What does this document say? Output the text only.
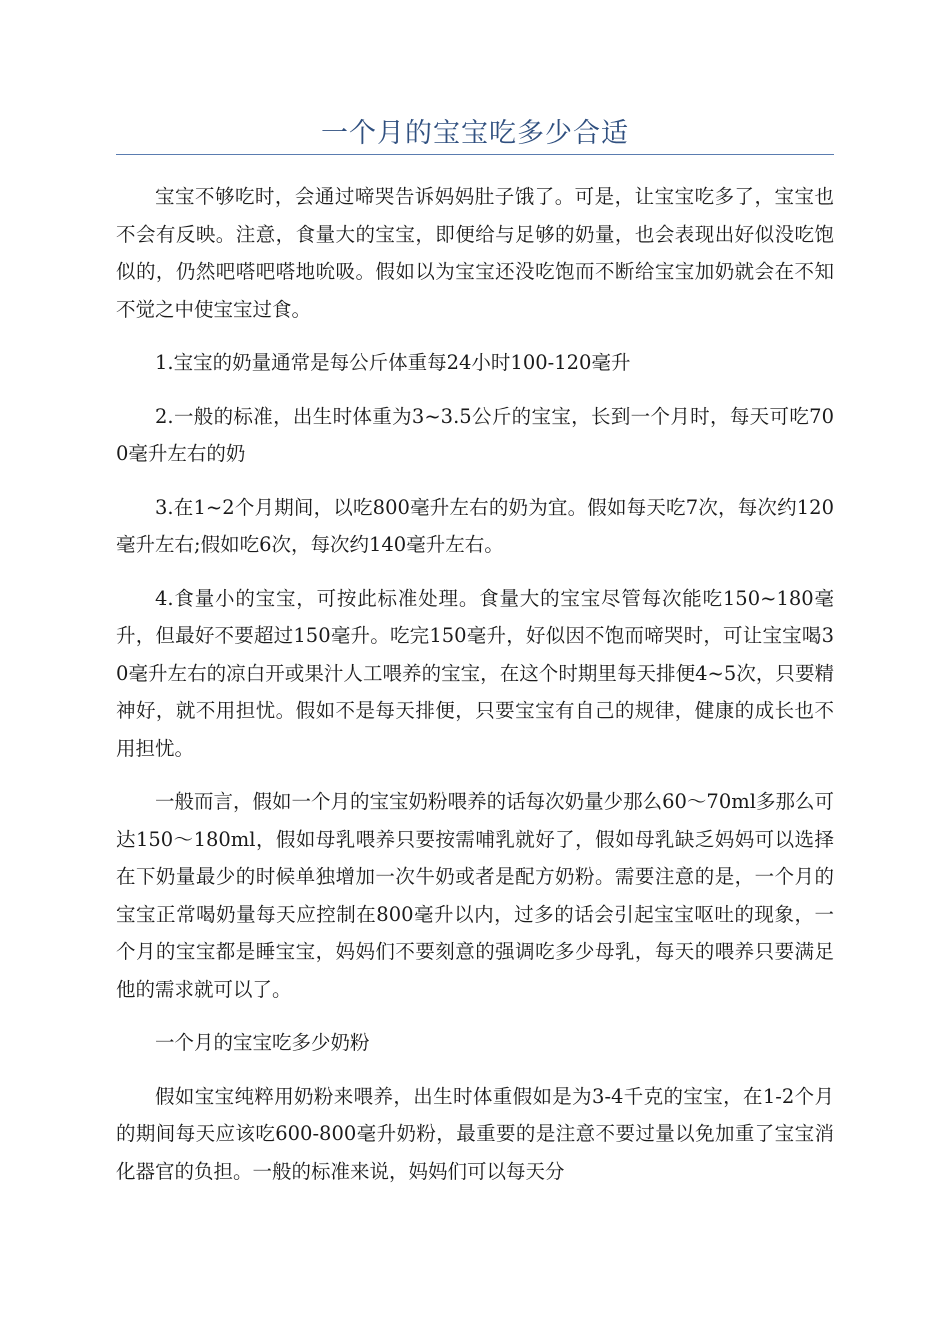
一个月的宝宝吃多少合适

宝宝不够吃时，会通过啼哭告诉妈妈肚子饿了。可是，让宝宝吃多了，宝宝也不会有反映。注意，食量大的宝宝，即便给与足够的奶量，也会表现出好似没吃饱似的，仍然吧嗒吧嗒地吮吸。假如以为宝宝还没吃饱而不断给宝宝加奶就会在不知不觉之中使宝宝过食。

1.宝宝的奶量通常是每公斤体重每24小时100-120毫升

2.一般的标准，出生时体重为3~3.5公斤的宝宝，长到一个月时，每天可吃700毫升左右的奶

3.在1~2个月期间，以吃800毫升左右的奶为宜。假如每天吃7次，每次约120毫升左右;假如吃6次，每次约140毫升左右。

4.食量小的宝宝，可按此标准处理。食量大的宝宝尽管每次能吃150~180毫升，但最好不要超过150毫升。吃完150毫升，好似因不饱而啼哭时，可让宝宝喝30毫升左右的凉白开或果汁人工喂养的宝宝，在这个时期里每天排便4~5次，只要精神好，就不用担忧。假如不是每天排便，只要宝宝有自己的规律，健康的成长也不用担忧。

一般而言，假如一个月的宝宝奶粉喂养的话每次奶量少那么60～70ml多那么可达150～180ml，假如母乳喂养只要按需哺乳就好了，假如母乳缺乏妈妈可以选择在下奶量最少的时候单独增加一次牛奶或者是配方奶粉。需要注意的是，一个月的宝宝正常喝奶量每天应控制在800毫升以内，过多的话会引起宝宝呕吐的现象，一个月的宝宝都是睡宝宝，妈妈们不要刻意的强调吃多少母乳，每天的喂养只要满足他的需求就可以了。

一个月的宝宝吃多少奶粉

假如宝宝纯粹用奶粉来喂养，出生时体重假如是为3-4千克的宝宝，在1-2个月的期间每天应该吃600-800毫升奶粉，最重要的是注意不要过量以免加重了宝宝消化器官的负担。一般的标准来说，妈妈们可以每天分
